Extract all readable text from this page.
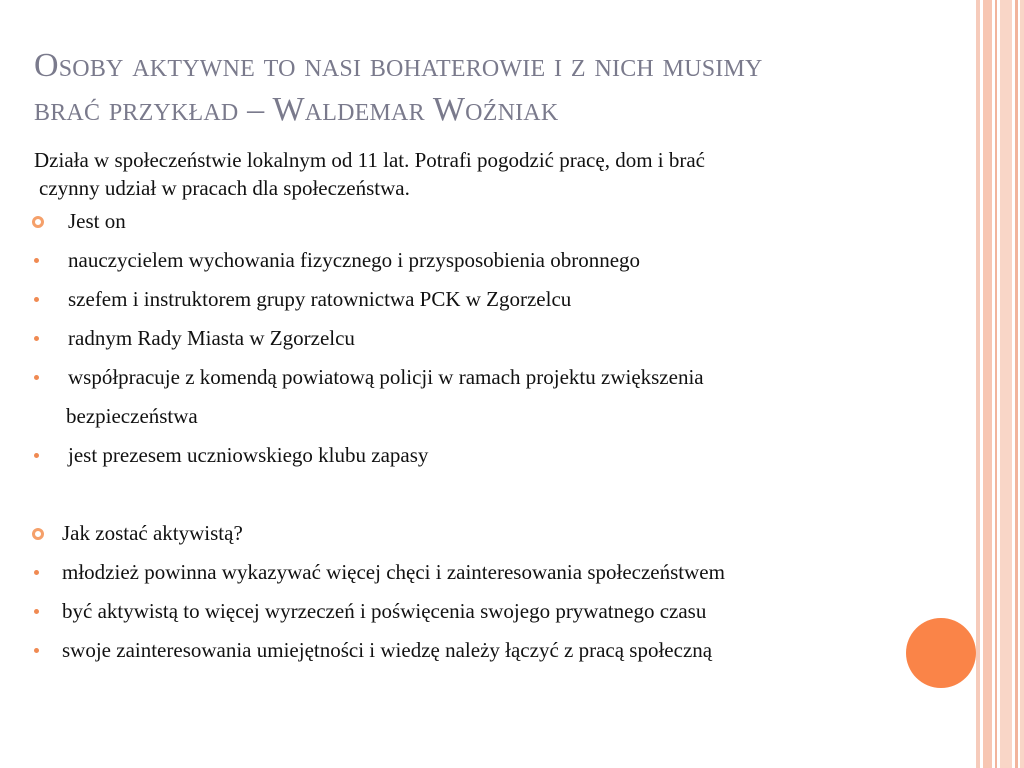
Osoby aktywne to nasi bohaterowie i z nich musimy
brać przykład – Waldemar Woźniak
Działa w społeczeństwie lokalnym od 11 lat. Potrafi pogodzić pracę, dom i brać
czynny udział w pracach dla społeczeństwa.
Jest on
nauczycielem wychowania fizycznego i przysposobienia obronnego
szefem i instruktorem grupy ratownictwa PCK w Zgorzelcu
radnym Rady Miasta w Zgorzelcu
współpracuje z komendą powiatową policji w ramach projektu zwiększenia
bezpieczeństwa
jest prezesem uczniowskiego klubu zapasy
Jak zostać aktywistą?
młodzież powinna wykazywać więcej chęci i zainteresowania społeczeństwem
być aktywistą to więcej wyrzeczeń i poświęcenia swojego prywatnego czasu
swoje zainteresowania umiejętności i wiedzę należy łączyć z pracą społeczną
